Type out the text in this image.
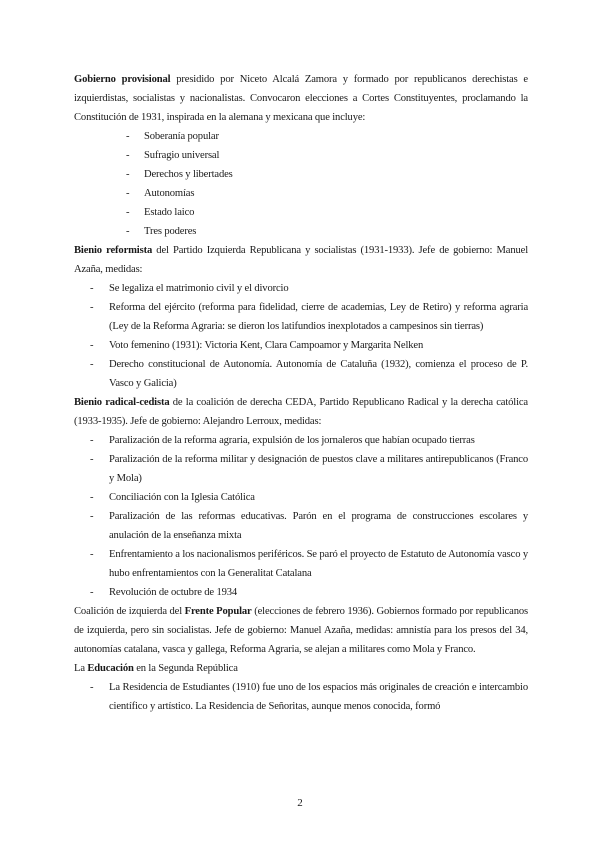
Gobierno provisional presidido por Niceto Alcalá Zamora y formado por republicanos derechistas e izquierdistas, socialistas y nacionalistas. Convocaron elecciones a Cortes Constituyentes, proclamando la Constitución de 1931, inspirada en la alemana y mexicana que incluye:

- Soberanía popular
- Sufragio universal
- Derechos y libertades
- Autonomías
- Estado laico
- Tres poderes

Bienio reformista del Partido Izquierda Republicana y socialistas (1931-1933). Jefe de gobierno: Manuel Azaña, medidas:

- Se legaliza el matrimonio civil y el divorcio
- Reforma del ejército (reforma para fidelidad, cierre de academias, Ley de Retiro) y reforma agraria (Ley de la Reforma Agraria: se dieron los latifundios inexplotados a campesinos sin tierras)
- Voto femenino (1931): Victoria Kent, Clara Campoamor y Margarita Nelken
- Derecho constitucional de Autonomía. Autonomía de Cataluña (1932), comienza el proceso de P. Vasco y Galicia)

Bienio radical-cedista de la coalición de derecha CEDA, Partido Republicano Radical y la derecha católica (1933-1935). Jefe de gobierno: Alejandro Lerroux, medidas:

- Paralización de la reforma agraria, expulsión de los jornaleros que habían ocupado tierras
- Paralización de la reforma militar y designación de puestos clave a militares antirepublicanos (Franco y Mola)
- Conciliación con la Iglesia Católica
- Paralización de las reformas educativas. Parón en el programa de construcciones escolares y anulación de la enseñanza mixta
- Enfrentamiento a los nacionalismos periféricos. Se paró el proyecto de Estatuto de Autonomía vasco y hubo enfrentamientos con la Generalitat Catalana
- Revolución de octubre de 1934

Coalición de izquierda del Frente Popular (elecciones de febrero 1936). Gobiernos formado por republicanos de izquierda, pero sin socialistas. Jefe de gobierno: Manuel Azaña, medidas: amnistía para los presos del 34, autonomías catalana, vasca y gallega, Reforma Agraria, se alejan a militares como Mola y Franco.

La Educación en la Segunda República

- La Residencia de Estudiantes (1910) fue uno de los espacios más originales de creación e intercambio científico y artístico. La Residencia de Señoritas, aunque menos conocida, formó
2
